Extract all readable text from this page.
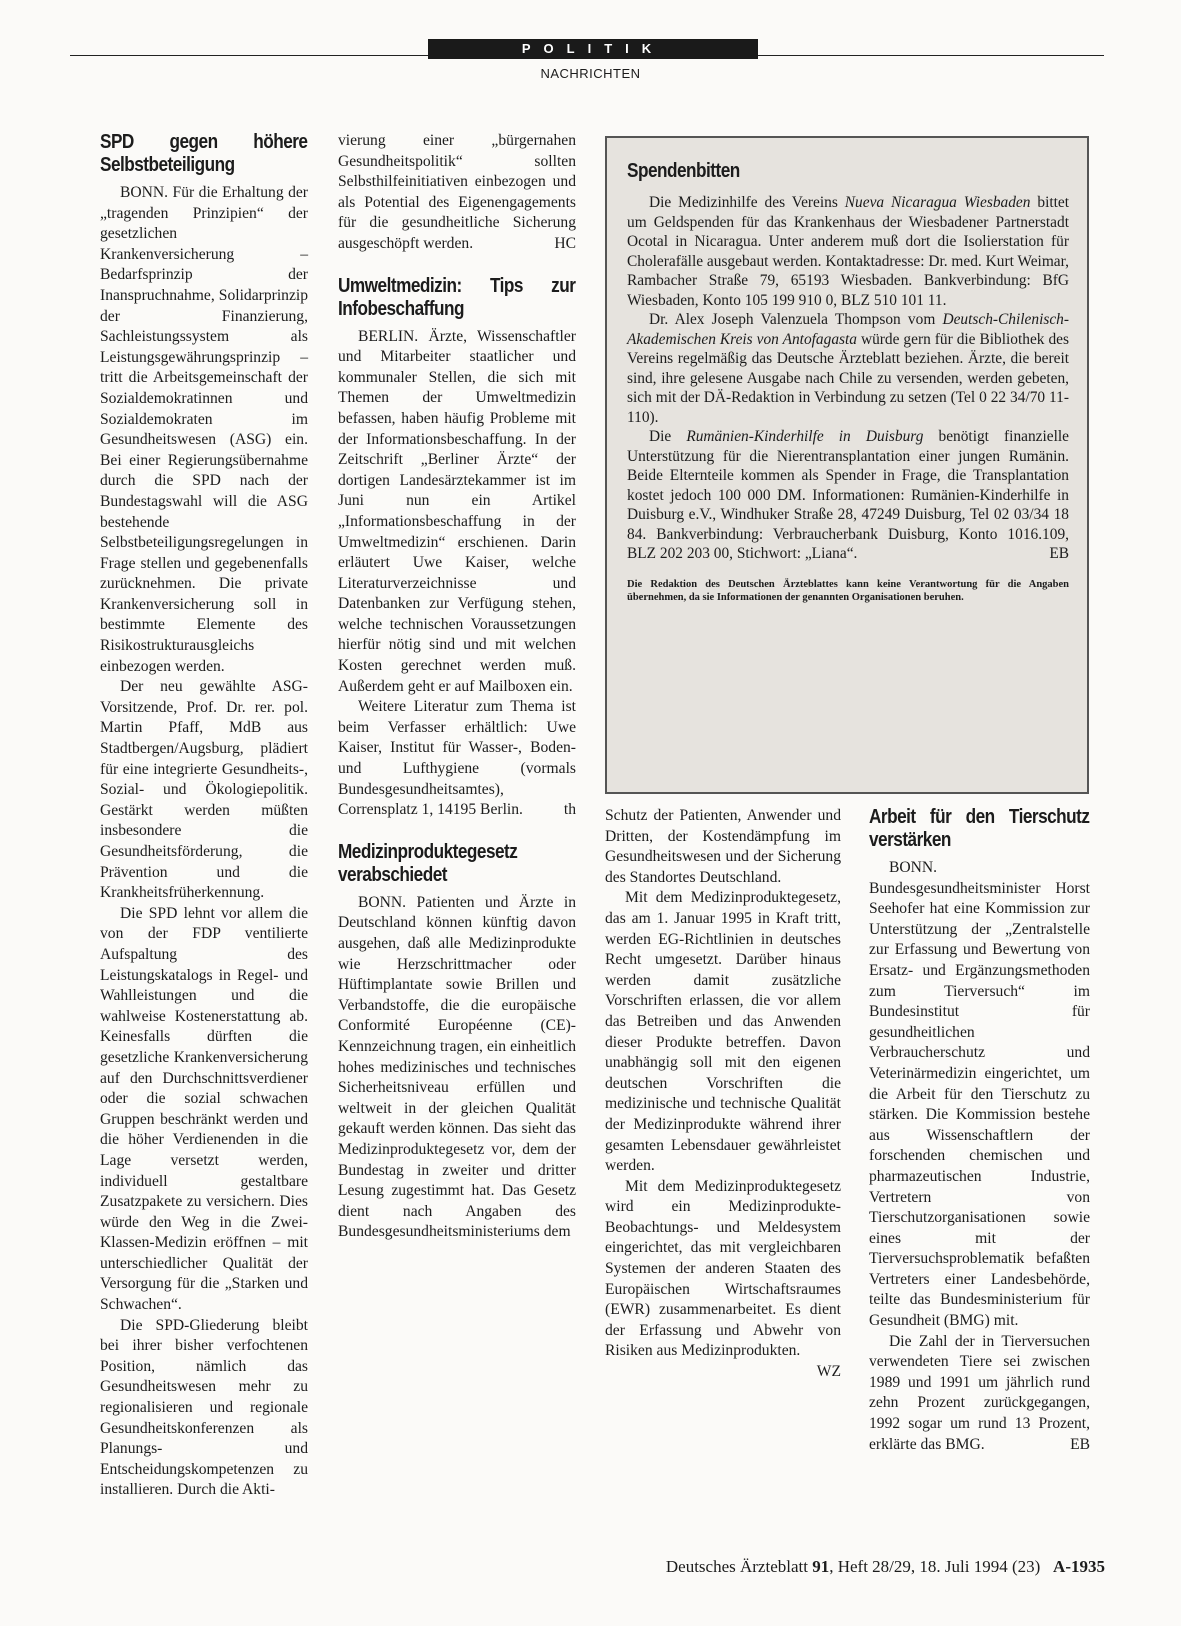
POLITIK
NACHRICHTEN
SPD gegen höhere Selbstbeteiligung

BONN. Für die Erhaltung der „tragenden Prinzipien“ der gesetzlichen Krankenversicherung – Bedarfsprinzip der Inanspruchnahme, Solidarprinzip der Finanzierung, Sachleistungssystem als Leistungsgewährungsprinzip – tritt die Arbeitsgemeinschaft der Sozialdemokratinnen und Sozialdemokraten im Gesundheitswesen (ASG) ein. Bei einer Regierungsübernahme durch die SPD nach der Bundestagswahl will die ASG bestehende Selbstbeteiligungsregelungen in Frage stellen und gegebenenfalls zurücknehmen. Die private Krankenversicherung soll in bestimmte Elemente des Risikostrukturausgleichs einbezogen werden.

Der neu gewählte ASG-Vorsitzende, Prof. Dr. rer. pol. Martin Pfaff, MdB aus Stadtbergen/Augsburg, plädiert für eine integrierte Gesundheits-, Sozial- und Ökologiepolitik. Gestärkt werden müßten insbesondere die Gesundheitsförderung, die Prävention und die Krankheitsfrüherkennung.

Die SPD lehnt vor allem die von der FDP ventilierte Aufspaltung des Leistungskatalogs in Regel- und Wahlleistungen und die wahlweise Kostenerstattung ab. Keinesfalls dürften die gesetzliche Krankenversicherung auf den Durchschnittsverdiener oder die sozial schwachen Gruppen beschränkt werden und die höher Verdienenden in die Lage versetzt werden, individuell gestaltbare Zusatzpakete zu versichern. Dies würde den Weg in die Zwei-Klassen-Medizin eröffnen – mit unterschiedlicher Qualität der Versorgung für die „Starken und Schwachen“.

Die SPD-Gliederung bleibt bei ihrer bisher verfochtenen Position, nämlich das Gesundheitswesen mehr zu regionalisieren und regionale Gesundheitskonferenzen als Planungs- und Entscheidungskompetenzen zu installieren. Durch die Akti-

vierung einer „bürgernahen Gesundheitspolitik“ sollten Selbsthilfeinitiativen einbezogen und als Potential des Eigenengagements für die gesundheitliche Sicherung ausgeschöpft werden.	HC

Umweltmedizin: Tips zur Infobeschaffung

BERLIN. Ärzte, Wissenschaftler und Mitarbeiter staatlicher und kommunaler Stellen, die sich mit Themen der Umweltmedizin befassen, haben häufig Probleme mit der Informationsbeschaffung. In der Zeitschrift „Berliner Ärzte“ der dortigen Landesärztekammer ist im Juni nun ein Artikel „Informationsbeschaffung in der Umweltmedizin“ erschienen. Darin erläutert Uwe Kaiser, welche Literaturverzeichnisse und Datenbanken zur Verfügung stehen, welche technischen Voraussetzungen hierfür nötig sind und mit welchen Kosten gerechnet werden muß. Außerdem geht er auf Mailboxen ein.

Weitere Literatur zum Thema ist beim Verfasser erhältlich: Uwe Kaiser, Institut für Wasser-, Boden- und Lufthygiene (vormals Bundesgesundheitsamtes), Corrensplatz 1, 14195 Berlin.	th

Medizinproduktegesetz verabschiedet

BONN. Patienten und Ärzte in Deutschland können künftig davon ausgehen, daß alle Medizinprodukte wie Herzschrittmacher oder Hüftimplantate sowie Brillen und Verbandstoffe, die die europäische Conformité Européenne (CE)-Kennzeichnung tragen, ein einheitlich hohes medizinisches und technisches Sicherheitsniveau erfüllen und weltweit in der gleichen Qualität gekauft werden können. Das sieht das Medizinproduktegesetz vor, dem der Bundestag in zweiter und dritter Lesung zugestimmt hat. Das Gesetz dient nach Angaben des Bundesgesundheitsministeriums dem

Spendenbitten

Die Medizinhilfe des Vereins Nueva Nicaragua Wiesbaden bittet um Geldspenden für das Krankenhaus der Wiesbadener Partnerstadt Ocotal in Nicaragua. Unter anderem muß dort die Isolierstation für Cholerafälle ausgebaut werden. Kontaktadresse: Dr. med. Kurt Weimar, Rambacher Straße 79, 65193 Wiesbaden. Bankverbindung: BfG Wiesbaden, Konto 105 199 910 0, BLZ 510 101 11.

Dr. Alex Joseph Valenzuela Thompson vom Deutsch-Chilenisch-Akademischen Kreis von Antofagasta würde gern für die Bibliothek des Vereins regelmäßig das Deutsche Ärzteblatt beziehen. Ärzte, die bereit sind, ihre gelesene Ausgabe nach Chile zu versenden, werden gebeten, sich mit der DÄ-Redaktion in Verbindung zu setzen (Tel 0 22 34/70 11-110).

Die Rumänien-Kinderhilfe in Duisburg benötigt finanzielle Unterstützung für die Nierentransplantation einer jungen Rumänin. Beide Elternteile kommen als Spender in Frage, die Transplantation kostet jedoch 100 000 DM. Informationen: Rumänien-Kinderhilfe in Duisburg e.V., Windhuker Straße 28, 47249 Duisburg, Tel 02 03/34 18 84. Bankverbindung: Verbraucherbank Duisburg, Konto 1016.109, BLZ 202 203 00, Stichwort: „Liana“.	EB

Die Redaktion des Deutschen Ärzteblattes kann keine Verantwortung für die Angaben übernehmen, da sie Informationen der genannten Organisationen beruhen.

Schutz der Patienten, Anwender und Dritten, der Kostendämpfung im Gesundheitswesen und der Sicherung des Standortes Deutschland.

Mit dem Medizinproduktegesetz, das am 1. Januar 1995 in Kraft tritt, werden EG-Richtlinien in deutsches Recht umgesetzt. Darüber hinaus werden damit zusätzliche Vorschriften erlassen, die vor allem das Betreiben und das Anwenden dieser Produkte betreffen. Davon unabhängig soll mit den eigenen deutschen Vorschriften die medizinische und technische Qualität der Medizinprodukte während ihrer gesamten Lebensdauer gewährleistet werden.

Mit dem Medizinproduktegesetz wird ein Medizinprodukte-Beobachtungs- und Meldesystem eingerichtet, das mit vergleichbaren Systemen der anderen Staaten des Europäischen Wirtschaftsraumes (EWR) zusammenarbeitet. Es dient der Erfassung und Abwehr von Risiken aus Medizinprodukten.
WZ

Arbeit für den Tierschutz verstärken

BONN. Bundesgesundheitsminister Horst Seehofer hat eine Kommission zur Unterstützung der „Zentralstelle zur Erfassung und Bewertung von Ersatz- und Ergänzungsmethoden zum Tierversuch“ im Bundesinstitut für gesundheitlichen Verbraucherschutz und Veterinärmedizin eingerichtet, um die Arbeit für den Tierschutz zu stärken. Die Kommission bestehe aus Wissenschaftlern der forschenden chemischen und pharmazeutischen Industrie, Vertretern von Tierschutzorganisationen sowie eines mit der Tierversuchsproblematik befaßten Vertreters einer Landesbehörde, teilte das Bundesministerium für Gesundheit (BMG) mit.

Die Zahl der in Tierversuchen verwendeten Tiere sei zwischen 1989 und 1991 um jährlich rund zehn Prozent zurückgegangen, 1992 sogar um rund 13 Prozent, erklärte das BMG.	EB

Deutsches Ärzteblatt 91, Heft 28/29, 18. Juli 1994 (23) A-1935
